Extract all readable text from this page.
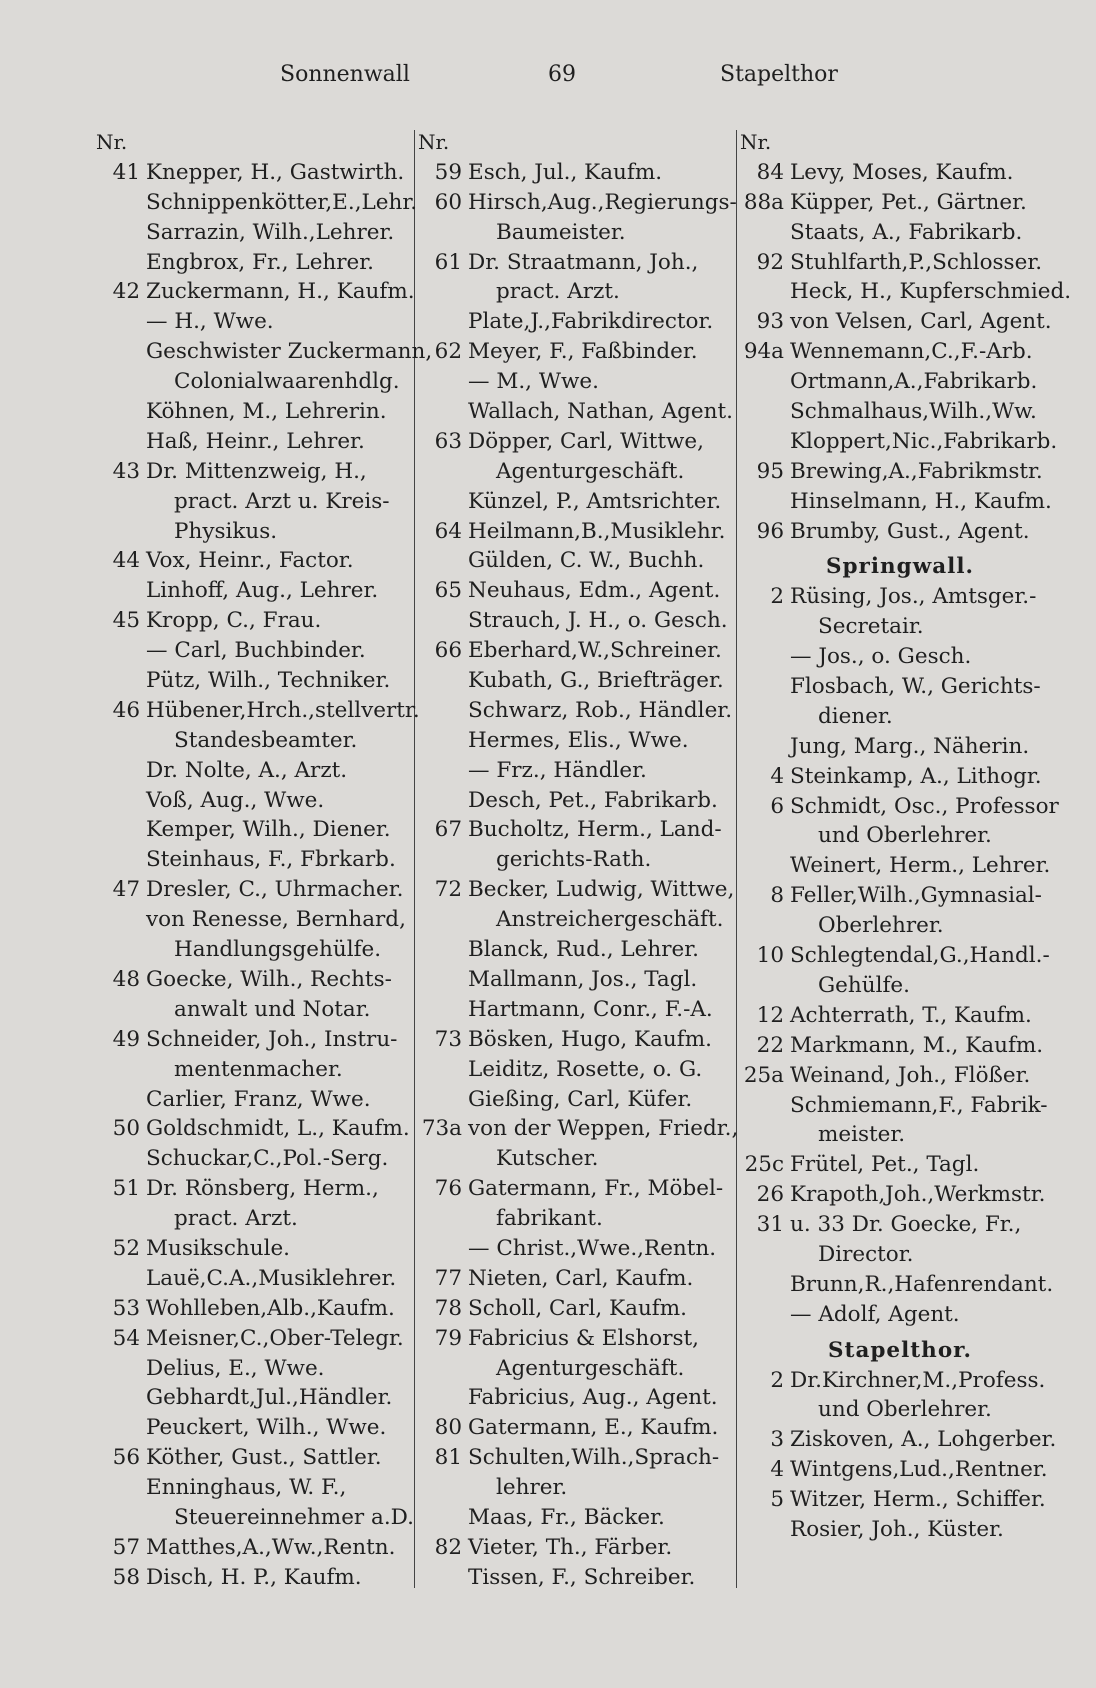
Sonnenwall	69	Stapelthor
Nr.
41 Knepper, H., Gastwirth.
Schnippenkötter,E.,Lehr.
Sarrazin, Wilh.,Lehrer.
Engbrox, Fr., Lehrer.
42 Zuckermann, H., Kaufm.
— H., Wwe.
Geschwister Zuckermann,
Colonialwaarenhdlg.
Köhnen, M., Lehrerin.
Haß, Heinr., Lehrer.
43 Dr. Mittenzweig, H.,
pract. Arzt u. Kreis-
Physikus.
44 Vox, Heinr., Factor.
Linhoff, Aug., Lehrer.
45 Kropp, C., Frau.
— Carl, Buchbinder.
Pütz, Wilh., Techniker.
46 Hübener,Hrch.,stellvertr.
Standesbeamter.
Dr. Nolte, A., Arzt.
Voß, Aug., Wwe.
Kemper, Wilh., Diener.
Steinhaus, F., Fbrkarb.
47 Dresler, C., Uhrmacher.
von Renesse, Bernhard,
Handlungsgehülfe.
48 Goecke, Wilh., Rechts-
anwalt und Notar.
49 Schneider, Joh., Instru-
mentenmacher.
Carlier, Franz, Wwe.
50 Goldschmidt, L., Kaufm.
Schuckar,C.,Pol.-Serg.
51 Dr. Rönsberg, Herm.,
pract. Arzt.
52 Musikschule.
Lauë,C.A.,Musiklehrer.
53 Wohlleben,Alb.,Kaufm.
54 Meisner,C.,Ober-Telegr.
Delius, E., Wwe.
Gebhardt,Jul.,Händler.
Peuckert, Wilh., Wwe.
56 Köther, Gust., Sattler.
Enninghaus, W. F.,
Steuereinnehmer a.D.
57 Matthes,A.,Ww.,Rentn.
58 Disch, H. P., Kaufm.
Nr.
59 Esch, Jul., Kaufm.
60 Hirsch,Aug.,Regierungs-
Baumeister.
61 Dr. Straatmann, Joh.,
pract. Arzt.
Plate,J.,Fabrikdirector.
62 Meyer, F., Faßbinder.
— M., Wwe.
Wallach, Nathan, Agent.
63 Döpper, Carl, Wittwe,
Agenturgeschäft.
Künzel, P., Amtsrichter.
64 Heilmann,B.,Musiklehr.
Gülden, C. W., Buchh.
65 Neuhaus, Edm., Agent.
Strauch, J. H., o. Gesch.
66 Eberhard,W.,Schreiner.
Kubath, G., Briefträger.
Schwarz, Rob., Händler.
Hermes, Elis., Wwe.
— Frz., Händler.
Desch, Pet., Fabrikarb.
67 Bucholtz, Herm., Land-
gerichts-Rath.
72 Becker, Ludwig, Wittwe,
Anstreichergeschäft.
Blanck, Rud., Lehrer.
Mallmann, Jos., Tagl.
Hartmann, Conr., F.-A.
73 Bösken, Hugo, Kaufm.
Leiditz, Rosette, o. G.
Gießing, Carl, Küfer.
73a von der Weppen, Friedr.,
Kutscher.
76 Gatermann, Fr., Möbel-
fabrikant.
— Christ.,Wwe.,Rentn.
77 Nieten, Carl, Kaufm.
78 Scholl, Carl, Kaufm.
79 Fabricius & Elshorst,
Agenturgeschäft.
Fabricius, Aug., Agent.
80 Gatermann, E., Kaufm.
81 Schulten,Wilh.,Sprach-
lehrer.
Maas, Fr., Bäcker.
82 Vieter, Th., Färber.
Tissen, F., Schreiber.
Nr.
84 Levy, Moses, Kaufm.
88a Küpper, Pet., Gärtner.
Staats, A., Fabrikarb.
92 Stuhlfarth,P.,Schlosser.
Heck, H., Kupferschmied.
93 von Velsen, Carl, Agent.
94a Wennemann,C.,F.-Arb.
Ortmann,A.,Fabrikarb.
Schmalhaus,Wilh.,Ww.
Kloppert,Nic.,Fabrikarb.
95 Brewing,A.,Fabrikmstr.
Hinselmann, H., Kaufm.
96 Brumby, Gust., Agent.
Springwall.
2 Rüsing, Jos., Amtsger.-
Secretair.
— Jos., o. Gesch.
Flosbach, W., Gerichts-
diener.
Jung, Marg., Näherin.
4 Steinkamp, A., Lithogr.
6 Schmidt, Osc., Professor
und Oberlehrer.
Weinert, Herm., Lehrer.
8 Feller,Wilh.,Gymnasial-
Oberlehrer.
10 Schlegtendal,G.,Handl.-
Gehülfe.
12 Achterrath, T., Kaufm.
22 Markmann, M., Kaufm.
25a Weinand, Joh., Flößer.
Schmiemann,F., Fabrik-
meister.
25c Frütel, Pet., Tagl.
26 Krapoth,Joh.,Werkmstr.
31 u. 33 Dr. Goecke, Fr.,
Director.
Brunn,R.,Hafenrendant.
— Adolf, Agent.
Stapelthor.
2 Dr.Kirchner,M.,Profess.
und Oberlehrer.
3 Ziskoven, A., Lohgerber.
4 Wintgens,Lud.,Rentner.
5 Witzer, Herm., Schiffer.
Rosier, Joh., Küster.
